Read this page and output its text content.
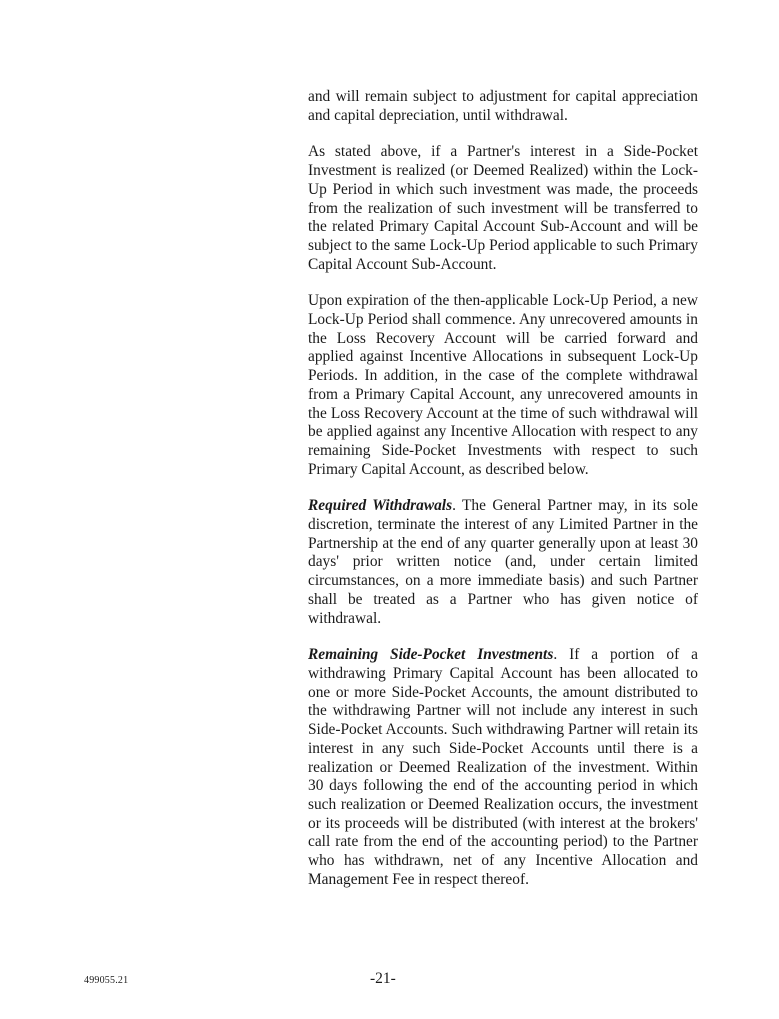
and will remain subject to adjustment for capital appreciation and capital depreciation, until withdrawal.

As stated above, if a Partner's interest in a Side-Pocket Investment is realized (or Deemed Realized) within the Lock-Up Period in which such investment was made, the proceeds from the realization of such investment will be transferred to the related Primary Capital Account Sub-Account and will be subject to the same Lock-Up Period applicable to such Primary Capital Account Sub-Account.

Upon expiration of the then-applicable Lock-Up Period, a new Lock-Up Period shall commence. Any unrecovered amounts in the Loss Recovery Account will be carried forward and applied against Incentive Allocations in subsequent Lock-Up Periods. In addition, in the case of the complete withdrawal from a Primary Capital Account, any unrecovered amounts in the Loss Recovery Account at the time of such withdrawal will be applied against any Incentive Allocation with respect to any remaining Side-Pocket Investments with respect to such Primary Capital Account, as described below.

Required Withdrawals. The General Partner may, in its sole discretion, terminate the interest of any Limited Partner in the Partnership at the end of any quarter generally upon at least 30 days' prior written notice (and, under certain limited circumstances, on a more immediate basis) and such Partner shall be treated as a Partner who has given notice of withdrawal.

Remaining Side-Pocket Investments. If a portion of a withdrawing Primary Capital Account has been allocated to one or more Side-Pocket Accounts, the amount distributed to the withdrawing Partner will not include any interest in such Side-Pocket Accounts. Such withdrawing Partner will retain its interest in any such Side-Pocket Accounts until there is a realization or Deemed Realization of the investment. Within 30 days following the end of the accounting period in which such realization or Deemed Realization occurs, the investment or its proceeds will be distributed (with interest at the brokers' call rate from the end of the accounting period) to the Partner who has withdrawn, net of any Incentive Allocation and Management Fee in respect thereof.

499055.21	-21-
